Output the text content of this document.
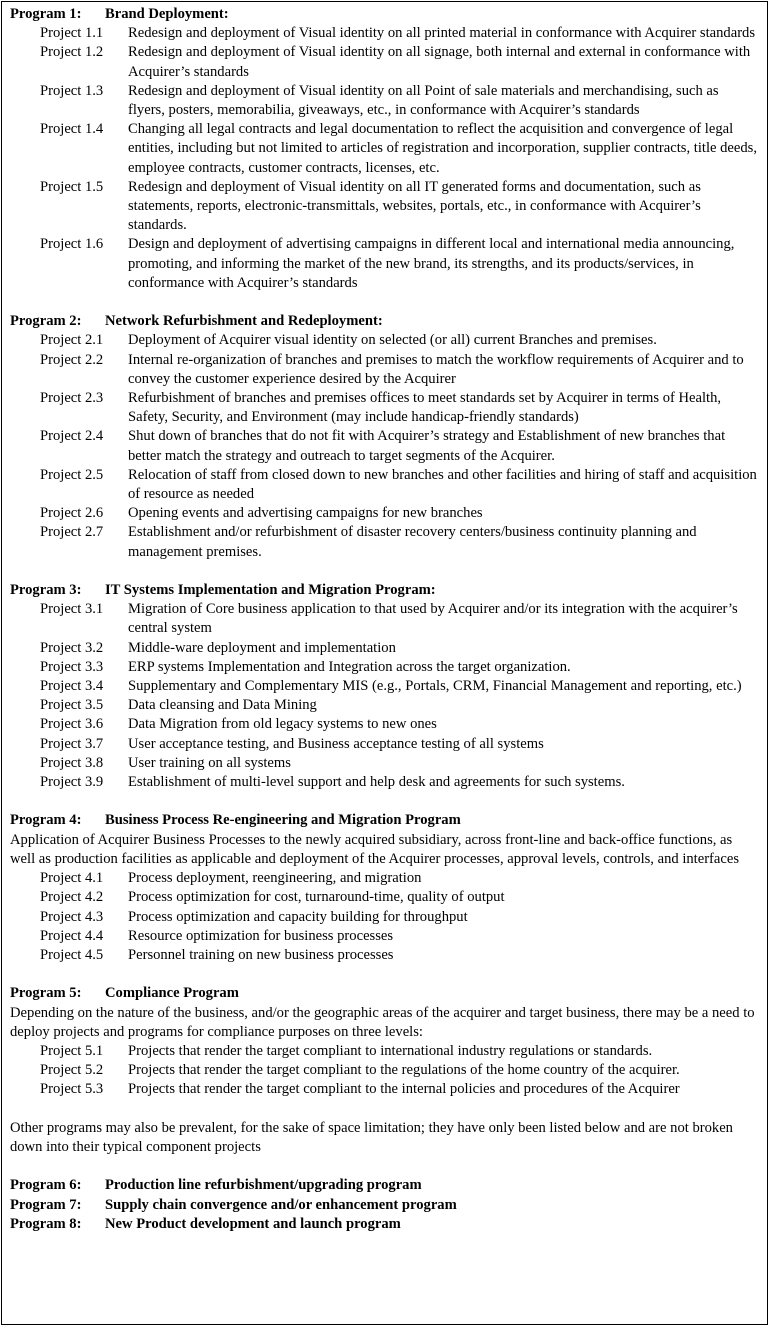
Program 1: Brand Deployment:
Project 1.1	Redesign and deployment of Visual identity on all printed material in conformance with Acquirer standards
Project 1.2	Redesign and deployment of Visual identity on all signage, both internal and external in conformance with Acquirer’s standards
Project 1.3	Redesign and deployment of Visual identity on all Point of sale materials and merchandising, such as flyers, posters, memorabilia, giveaways, etc., in conformance with Acquirer’s standards
Project 1.4	Changing all legal contracts and legal documentation to reflect the acquisition and convergence of legal entities, including but not limited to articles of registration and incorporation, supplier contracts, title deeds, employee contracts, customer contracts, licenses, etc.
Project 1.5	Redesign and deployment of Visual identity on all IT generated forms and documentation, such as statements, reports, electronic-transmittals, websites, portals, etc., in conformance with Acquirer’s standards.
Project 1.6	Design and deployment of advertising campaigns in different local and international media announcing, promoting, and informing the market of the new brand, its strengths, and its products/services, in conformance with Acquirer’s standards
Program 2: Network Refurbishment and Redeployment:
Project 2.1	Deployment of Acquirer visual identity on selected (or all) current Branches and premises.
Project 2.2	Internal re-organization of branches and premises to match the workflow requirements of Acquirer and to convey the customer experience desired by the Acquirer
Project 2.3	Refurbishment of branches and premises offices to meet standards set by Acquirer in terms of Health, Safety, Security, and Environment (may include handicap-friendly standards)
Project 2.4	Shut down of branches that do not fit with Acquirer’s strategy and Establishment of new branches that better match the strategy and outreach to target segments of the Acquirer.
Project 2.5	Relocation of staff from closed down to new branches and other facilities and hiring of staff and acquisition of resource as needed
Project 2.6	Opening events and advertising campaigns for new branches
Project 2.7	Establishment and/or refurbishment of disaster recovery centers/business continuity planning and management premises.
Program 3: IT Systems Implementation and Migration Program:
Project 3.1	Migration of Core business application to that used by Acquirer and/or its integration with the acquirer’s central system
Project 3.2	Middle-ware deployment and implementation
Project 3.3	ERP systems Implementation and Integration across the target organization.
Project 3.4	Supplementary and Complementary MIS (e.g., Portals, CRM, Financial Management and reporting, etc.)
Project 3.5	Data cleansing and Data Mining
Project 3.6	Data Migration from old legacy systems to new ones
Project 3.7	User acceptance testing, and Business acceptance testing of all systems
Project 3.8	User training on all systems
Project 3.9	Establishment of multi-level support and help desk and agreements for such systems.
Program 4: Business Process Re-engineering and Migration Program
Application of Acquirer Business Processes to the newly acquired subsidiary, across front-line and back-office functions, as well as production facilities as applicable and deployment of the Acquirer processes, approval levels, controls, and interfaces
Project 4.1	Process deployment, reengineering, and migration
Project 4.2	Process optimization for cost, turnaround-time, quality of output
Project 4.3	Process optimization and capacity building for throughput
Project 4.4	Resource optimization for business processes
Project 4.5	Personnel training on new business processes
Program 5: Compliance Program
Depending on the nature of the business, and/or the geographic areas of the acquirer and target business, there may be a need to deploy projects and programs for compliance purposes on three levels:
Project 5.1	Projects that render the target compliant to international industry regulations or standards.
Project 5.2	Projects that render the target compliant to the regulations of the home country of the acquirer.
Project 5.3	Projects that render the target compliant to the internal policies and procedures of the Acquirer
Other programs may also be prevalent, for the sake of space limitation; they have only been listed below and are not broken down into their typical component projects
Program 6: Production line refurbishment/upgrading program
Program 7: Supply chain convergence and/or enhancement program
Program 8: New Product development and launch program
